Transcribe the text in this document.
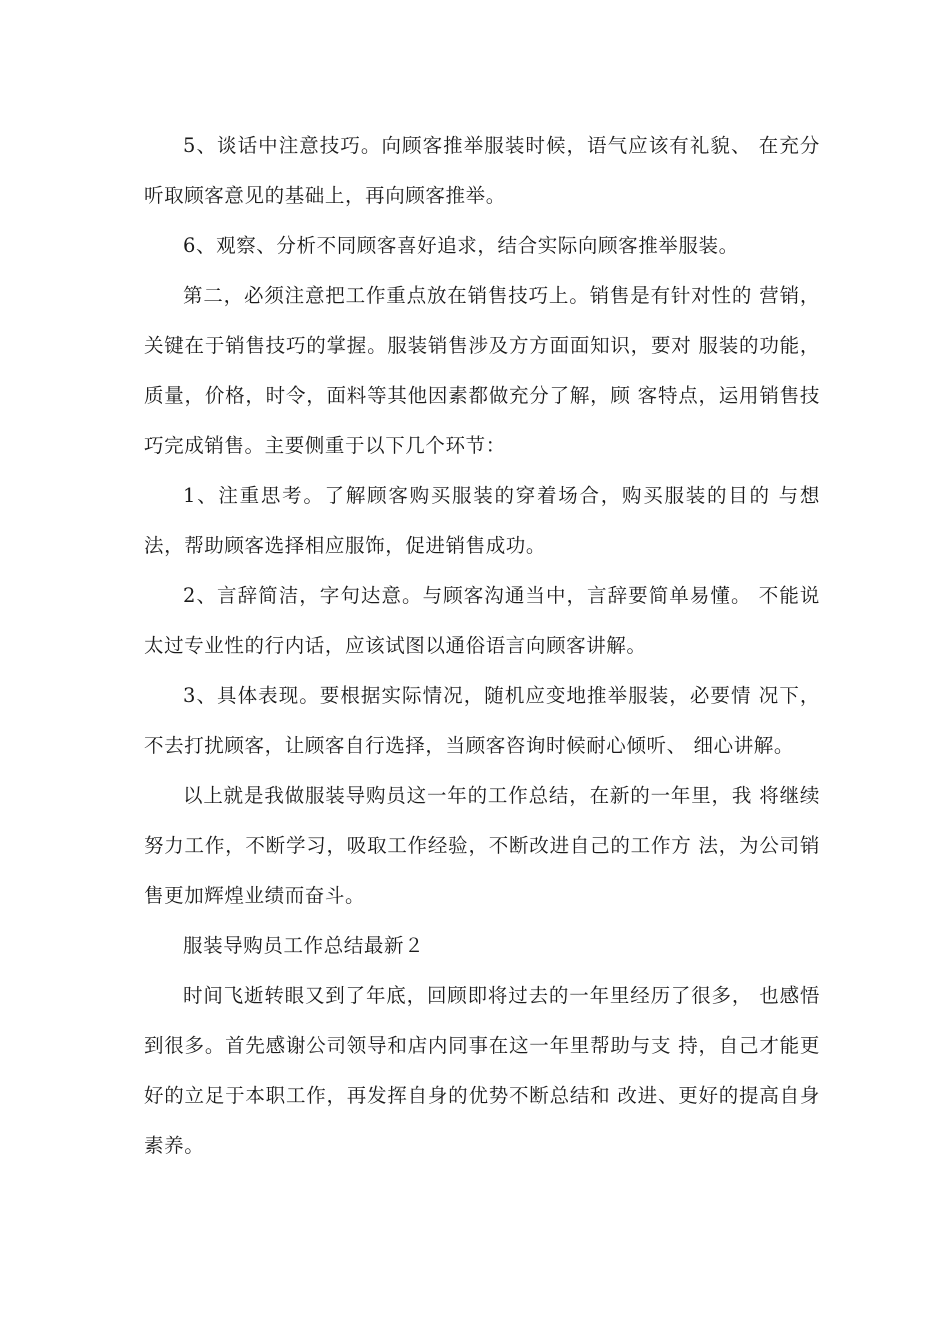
5、谈话中注意技巧。向顾客推举服装时候，语气应该有礼貌、 在充分听取顾客意见的基础上，再向顾客推举。

6、观察、分析不同顾客喜好追求，结合实际向顾客推举服装。

第二，必须注意把工作重点放在销售技巧上。销售是有针对性的 营销，关键在于销售技巧的掌握。服装销售涉及方方面面知识，要对 服装的功能，质量，价格，时令，面料等其他因素都做充分了解，顾 客特点，运用销售技巧完成销售。主要侧重于以下几个环节：

1、注重思考。了解顾客购买服装的穿着场合，购买服装的目的 与想法，帮助顾客选择相应服饰，促进销售成功。

2、言辞简洁，字句达意。与顾客沟通当中，言辞要简单易懂。 不能说太过专业性的行内话，应该试图以通俗语言向顾客讲解。

3、具体表现。要根据实际情况，随机应变地推举服装，必要情 况下，不去打扰顾客，让顾客自行选择，当顾客咨询时候耐心倾听、 细心讲解。

以上就是我做服装导购员这一年的工作总结，在新的一年里，我 将继续努力工作，不断学习，吸取工作经验，不断改进自己的工作方 法，为公司销售更加辉煌业绩而奋斗。

服装导购员工作总结最新２

时间飞逝转眼又到了年底，回顾即将过去的一年里经历了很多， 也感悟到很多。首先感谢公司领导和店内同事在这一年里帮助与支 持，自己才能更好的立足于本职工作，再发挥自身的优势不断总结和 改进、更好的提高自身素养。
